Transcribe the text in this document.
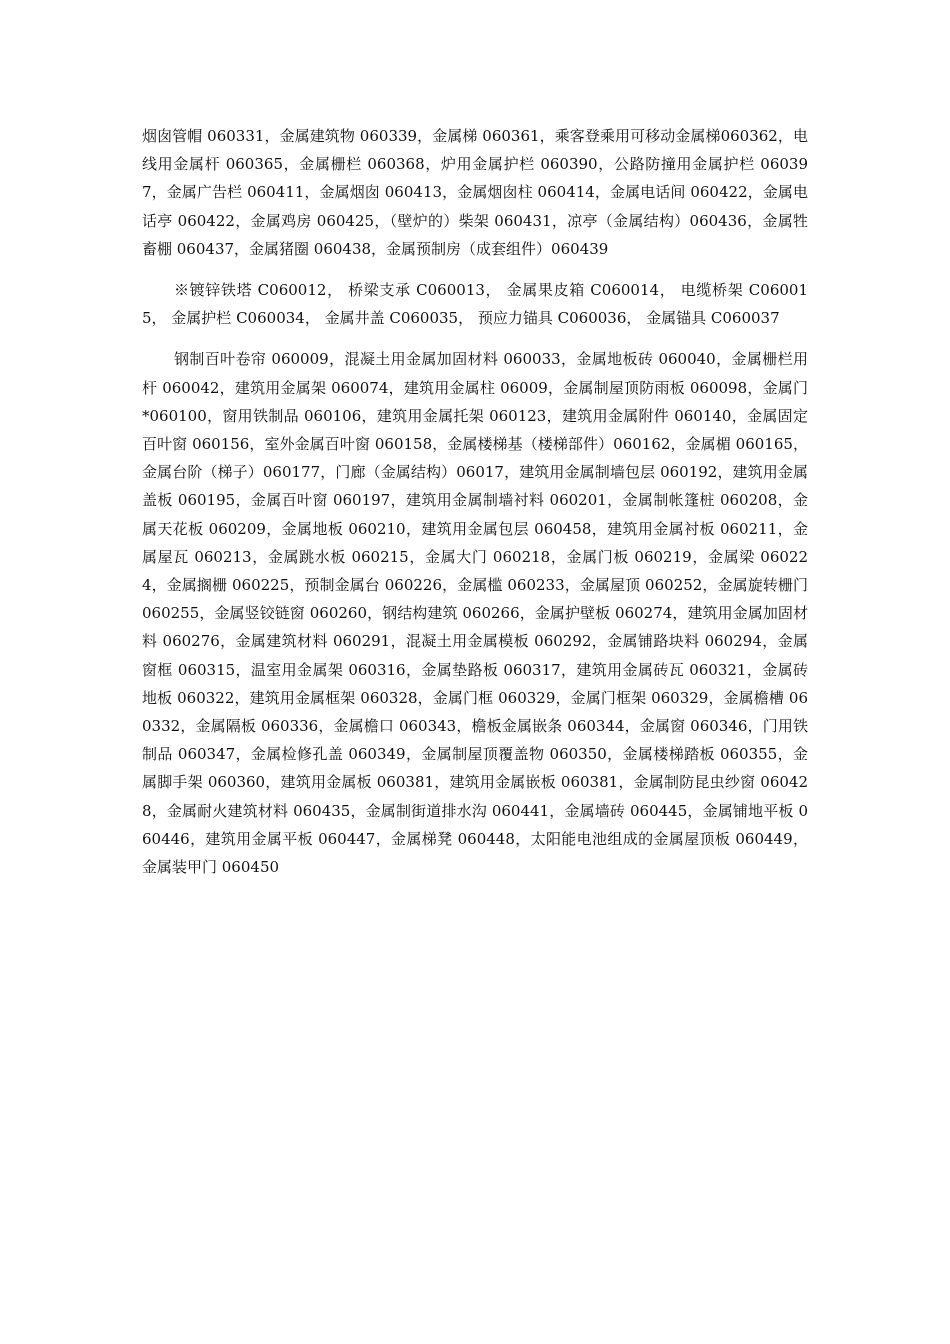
烟囱管帽 060331，金属建筑物 060339，金属梯 060361，乘客登乘用可移动金属梯060362，电线用金属杆 060365，金属栅栏 060368，炉用金属护栏 060390，公路防撞用金属护栏 060397，金属广告栏 060411，金属烟囱 060413，金属烟囱柱 060414，金属电话间 060422，金属电话亭 060422，金属鸡房 060425，（壁炉的）柴架 060431，凉亭（金属结构）060436，金属牲畜棚 060437，金属猪圈 060438，金属预制房（成套组件）060439

※镀锌铁塔 C060012， 桥梁支承 C060013， 金属果皮箱 C060014， 电缆桥架 C060015， 金属护栏 C060034， 金属井盖 C060035， 预应力锚具 C060036， 金属锚具 C060037

钢制百叶卷帘 060009，混凝土用金属加固材料 060033，金属地板砖 060040，金属栅栏用杆 060042，建筑用金属架 060074，建筑用金属柱 06009，金属制屋顶防雨板 060098，金属门*060100，窗用铁制品 060106，建筑用金属托架 060123，建筑用金属附件 060140，金属固定百叶窗 060156，室外金属百叶窗 060158，金属楼梯基（楼梯部件）060162，金属楣 060165，金属台阶（梯子）060177，门廊（金属结构）06017，建筑用金属制墙包层 060192，建筑用金属盖板 060195，金属百叶窗 060197，建筑用金属制墙衬料 060201，金属制帐篷桩 060208，金属天花板 060209，金属地板 060210，建筑用金属包层 060458，建筑用金属衬板 060211，金属屋瓦 060213，金属跳水板 060215，金属大门 060218，金属门板 060219，金属梁 060224，金属搁栅 060225，预制金属台 060226，金属槛 060233，金属屋顶 060252，金属旋转栅门 060255，金属竖铰链窗 060260，钢结构建筑 060266，金属护壁板 060274，建筑用金属加固材料 060276，金属建筑材料 060291，混凝土用金属模板 060292，金属铺路块料 060294，金属窗框 060315，温室用金属架 060316，金属垫路板 060317，建筑用金属砖瓦 060321，金属砖地板 060322，建筑用金属框架 060328，金属门框 060329，金属门框架 060329，金属檐槽 060332，金属隔板 060336，金属檐口 060343，檐板金属嵌条 060344，金属窗 060346，门用铁制品 060347，金属检修孔盖 060349，金属制屋顶覆盖物 060350，金属楼梯踏板 060355，金属脚手架 060360，建筑用金属板 060381，建筑用金属嵌板 060381，金属制防昆虫纱窗 060428，金属耐火建筑材料 060435，金属制街道排水沟 060441，金属墙砖 060445，金属铺地平板 060446，建筑用金属平板 060447，金属梯凳 060448，太阳能电池组成的金属屋顶板 060449，金属装甲门 060450
